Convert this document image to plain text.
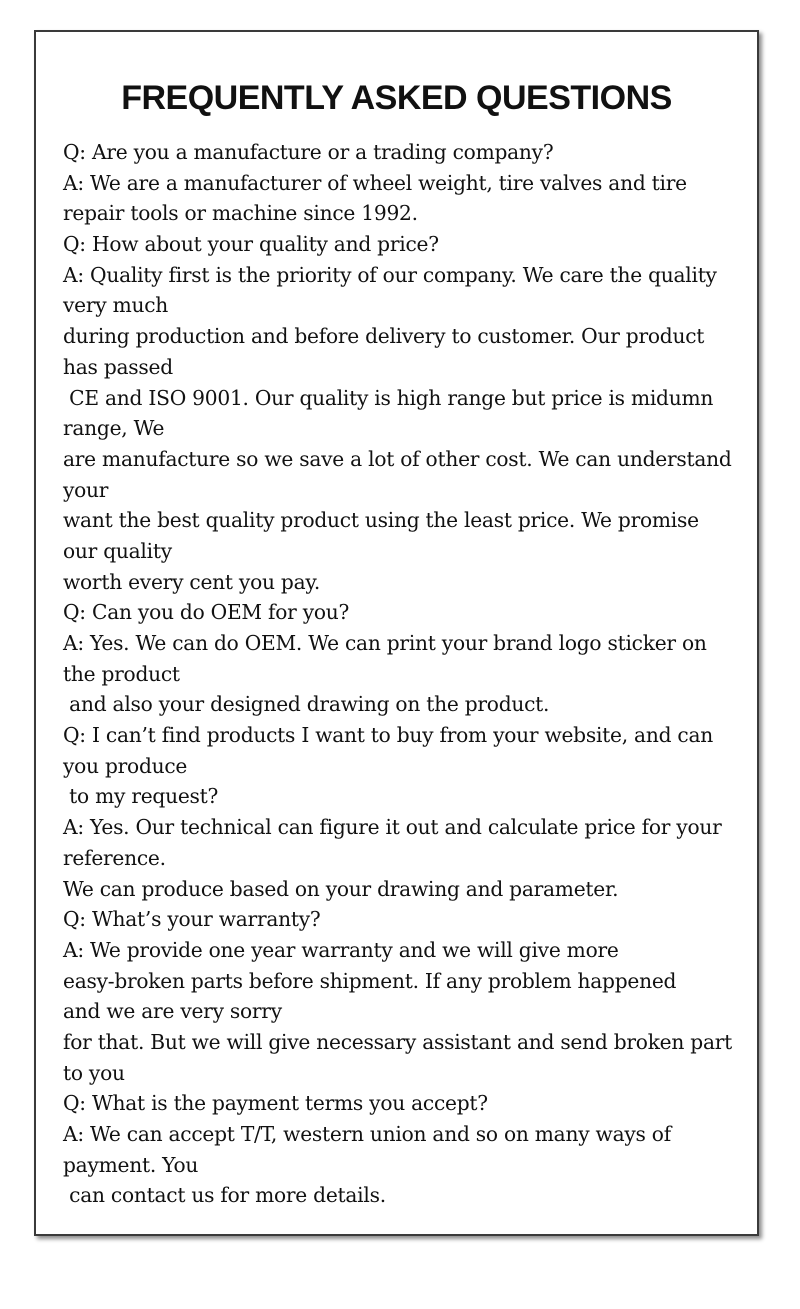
FREQUENTLY ASKED QUESTIONS
Q: Are you a manufacture or a trading company?
A: We are a manufacturer of wheel weight, tire valves and tire
repair tools or machine since 1992.
Q: How about your quality and price?
A: Quality first is the priority of our company. We care the quality
very much
during production and before delivery to customer. Our product
has passed
CE and ISO 9001. Our quality is high range but price is midumn
range, We
are manufacture so we save a lot of other cost. We can understand
your
want the best quality product using the least price. We promise
our quality
worth every cent you pay.
Q: Can you do OEM for you?
A: Yes. We can do OEM. We can print your brand logo sticker on
the product
and also your designed drawing on the product.
Q: I can’t find products I want to buy from your website, and can
you produce
to my request?
A: Yes. Our technical can figure it out and calculate price for your
reference.
We can produce based on your drawing and parameter.
Q: What’s your warranty?
A: We provide one year warranty and we will give more
easy-broken parts before shipment. If any problem happened
and we are very sorry
for that. But we will give necessary assistant and send broken part
to you
Q: What is the payment terms you accept?
A: We can accept T/T, western union and so on many ways of
payment. You
can contact us for more details.
